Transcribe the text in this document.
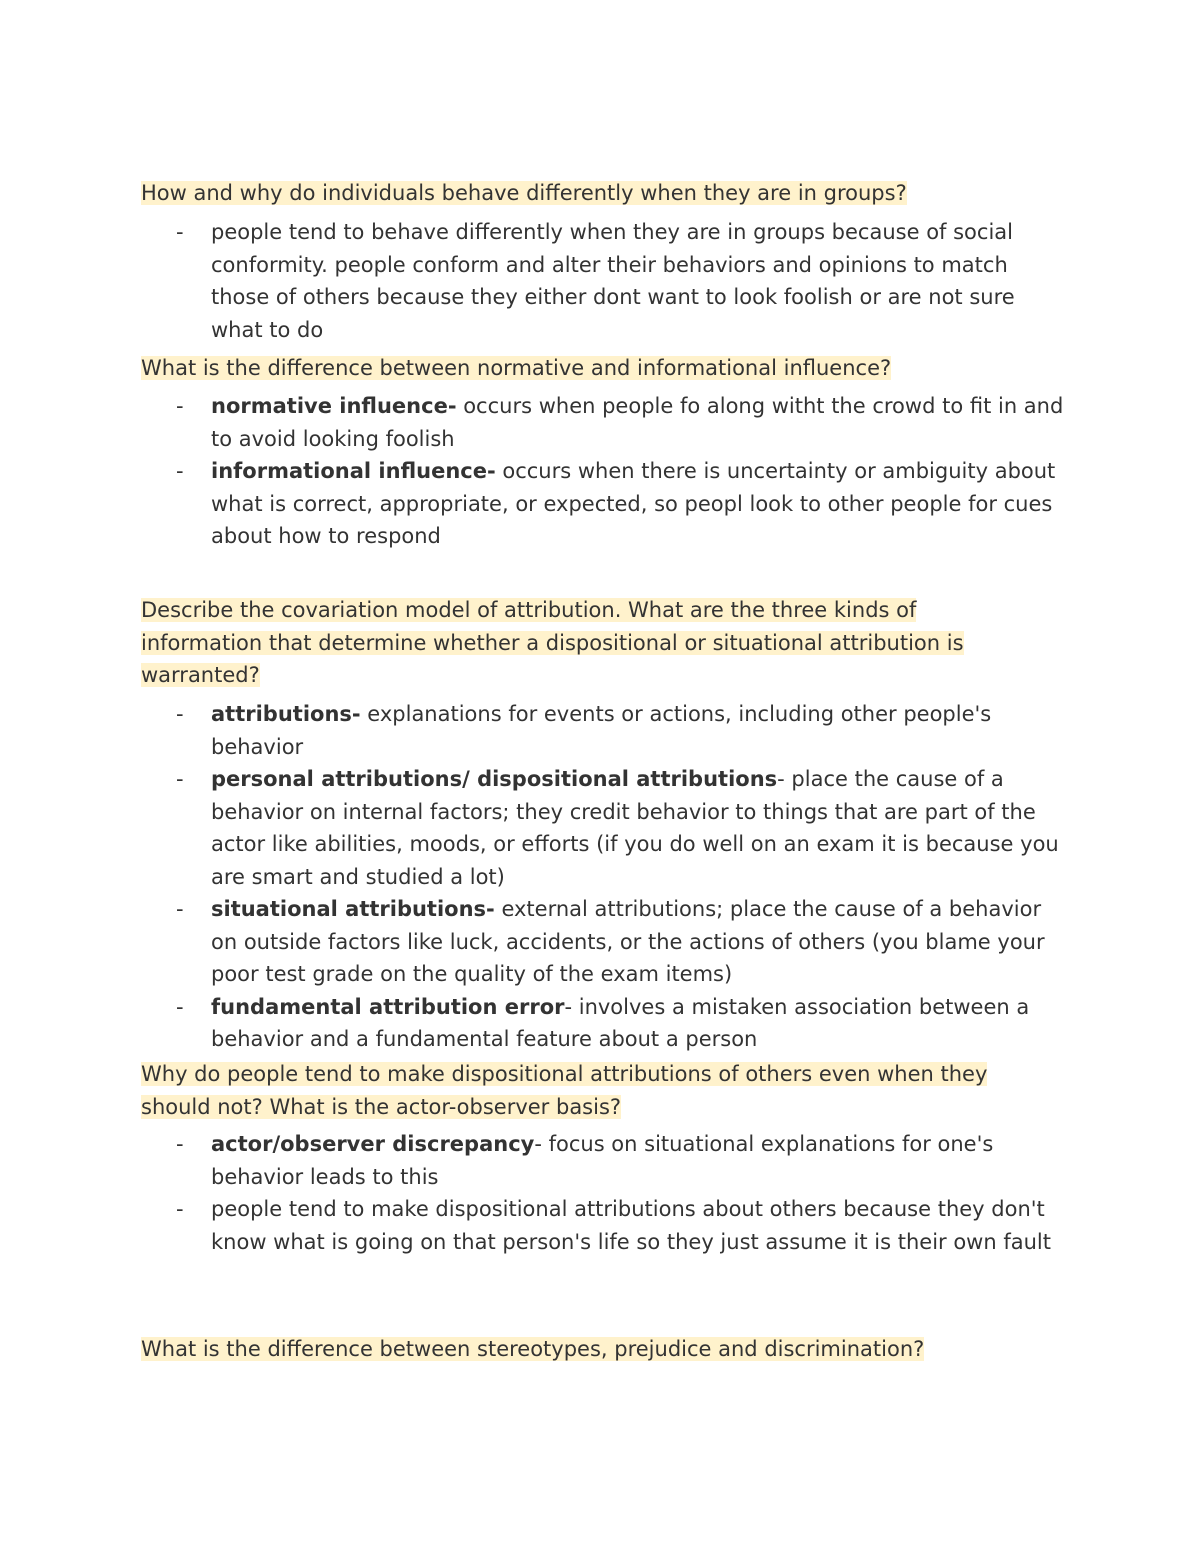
How and why do individuals behave differently when they are in groups?

- people tend to behave differently when they are in groups because of social conformity. people conform and alter their behaviors and opinions to match those of others because they either dont want to look foolish or are not sure what to do

What is the difference between normative and informational influence?

- normative influence- occurs when people fo along witht the crowd to fit in and to avoid looking foolish
- informational influence- occurs when there is uncertainty or ambiguity about what is correct, appropriate, or expected, so peopl look to other people for cues about how to respond

Describe the covariation model of attribution. What are the three kinds of information that determine whether a dispositional or situational attribution is warranted?

- attributions- explanations for events or actions, including other people's behavior
- personal attributions/ dispositional attributions- place the cause of a behavior on internal factors; they credit behavior to things that are part of the actor like abilities, moods, or efforts (if you do well on an exam it is because you are smart and studied a lot)
- situational attributions- external attributions; place the cause of a behavior on outside factors like luck, accidents, or the actions of others (you blame your poor test grade on the quality of the exam items)
- fundamental attribution error- involves a mistaken association between a behavior and a fundamental feature about a person

Why do people tend to make dispositional attributions of others even when they should not? What is the actor-observer basis?

- actor/observer discrepancy- focus on situational explanations for one's behavior leads to this
- people tend to make dispositional attributions about others because they don't know what is going on that person's life so they just assume it is their own fault

What is the difference between stereotypes, prejudice and discrimination?
